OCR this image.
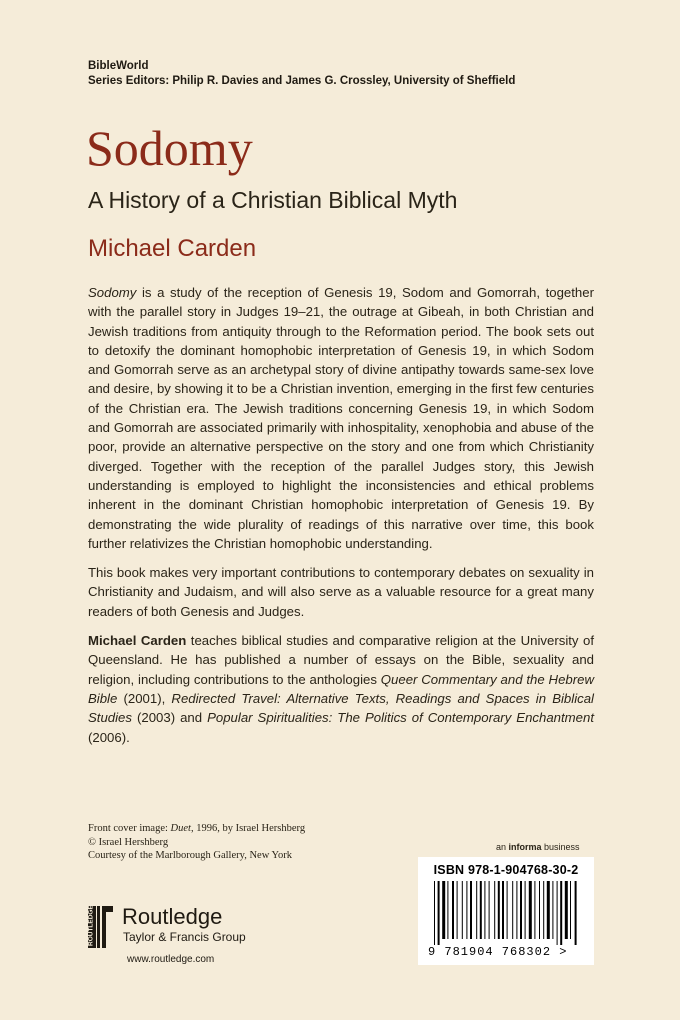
BibleWorld
Series Editors: Philip R. Davies and James G. Crossley, University of Sheffield
Sodomy
A History of a Christian Biblical Myth
Michael Carden

Sodomy is a study of the reception of Genesis 19, Sodom and Gomorrah, together with the parallel story in Judges 19–21, the outrage at Gibeah, in both Christian and Jewish traditions from antiquity through to the Reformation period. The book sets out to detoxify the dominant homophobic interpretation of Genesis 19, in which Sodom and Gomorrah serve as an archetypal story of divine antipathy towards same-sex love and desire, by showing it to be a Christian invention, emerging in the first few centuries of the Christian era. The Jewish traditions concerning Genesis 19, in which Sodom and Gomorrah are associated primarily with inhospitality, xenophobia and abuse of the poor, provide an alternative perspective on the story and one from which Christianity diverged. Together with the reception of the parallel Judges story, this Jewish understanding is employed to highlight the inconsistencies and ethical problems inherent in the dominant Christian homophobic interpretation of Genesis 19. By demonstrating the wide plurality of readings of this narrative over time, this book further relativizes the Christian homophobic understanding.

This book makes very important contributions to contemporary debates on sexuality in Christianity and Judaism, and will also serve as a valuable resource for a great many readers of both Genesis and Judges.

Michael Carden teaches biblical studies and comparative religion at the University of Queensland. He has published a number of essays on the Bible, sexuality and religion, including contributions to the anthologies Queer Commentary and the Hebrew Bible (2001), Redirected Travel: Alternative Texts, Readings and Spaces in Biblical Studies (2003) and Popular Spiritualities: The Politics of Contemporary Enchantment (2006).

Front cover image: Duet, 1996, by Israel Hershberg
© Israel Hershberg
Courtesy of the Marlborough Gallery, New York
an informa business
ISBN 978-1-904768-30-2
9 781904 768302 >
ROUTLEDGE Routledge
Taylor & Francis Group
www.routledge.com
